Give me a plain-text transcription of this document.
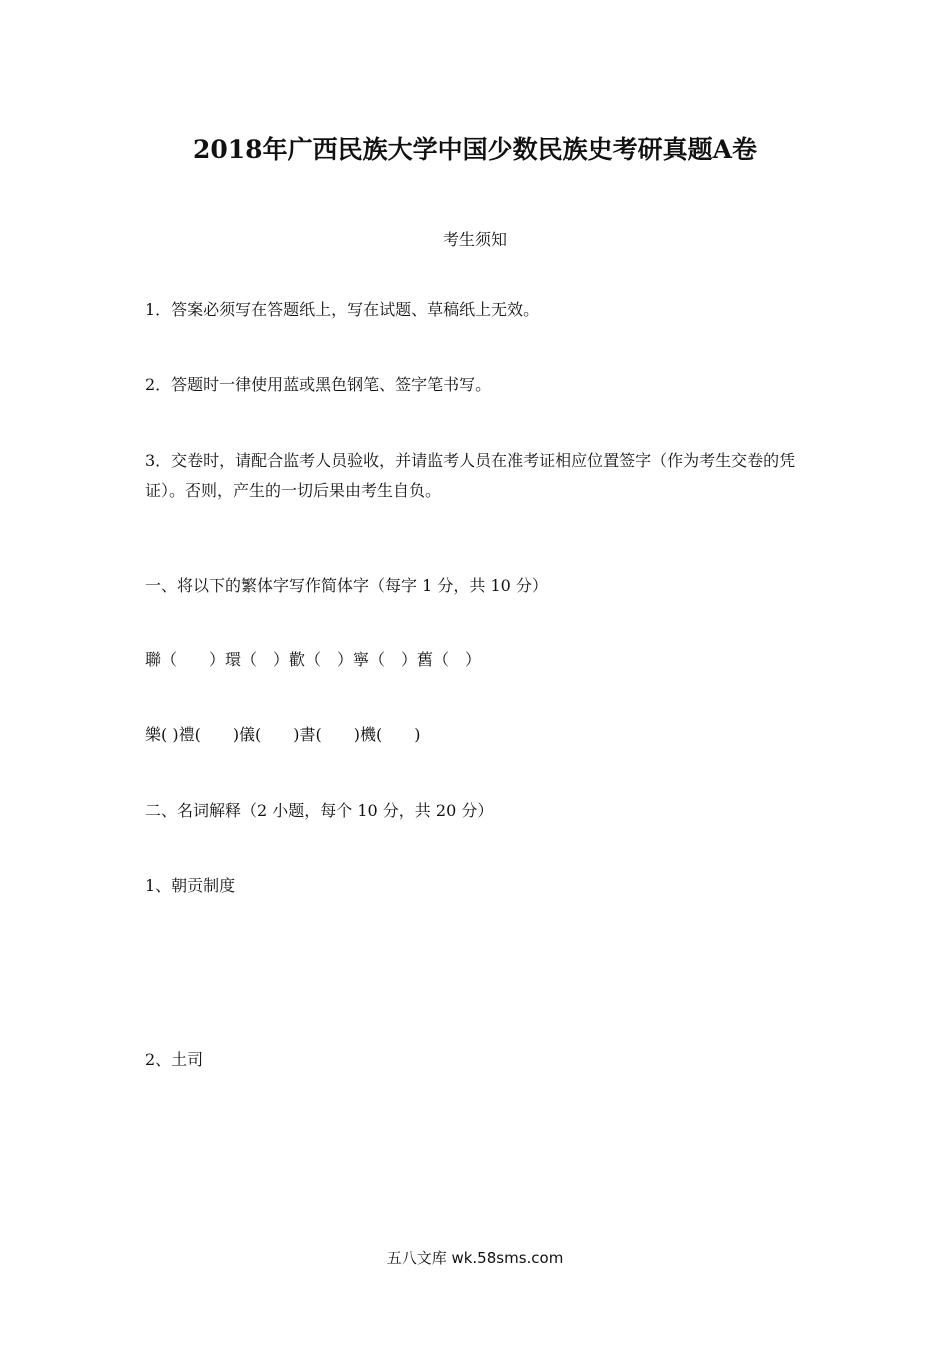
2018年广西民族大学中国少数民族史考研真题A卷
考生须知
1．答案必须写在答题纸上，写在试题、草稿纸上无效。
2．答题时一律使用蓝或黑色钢笔、签字笔书写。
3．交卷时，请配合监考人员验收，并请监考人员在准考证相应位置签字（作为考生交卷的凭证）。否则，产生的一切后果由考生自负。
一、将以下的繁体字写作简体字（每字 1 分，共 10 分）
聯（　　）環（　）歡（　）寧（　）舊（　）
樂( )禮(　　)儀(　　)書(　　)機(　　)
二、名词解释（2 小题，每个 10 分，共 20 分）
1、朝贡制度
2、土司
五八文库 wk.58sms.com
